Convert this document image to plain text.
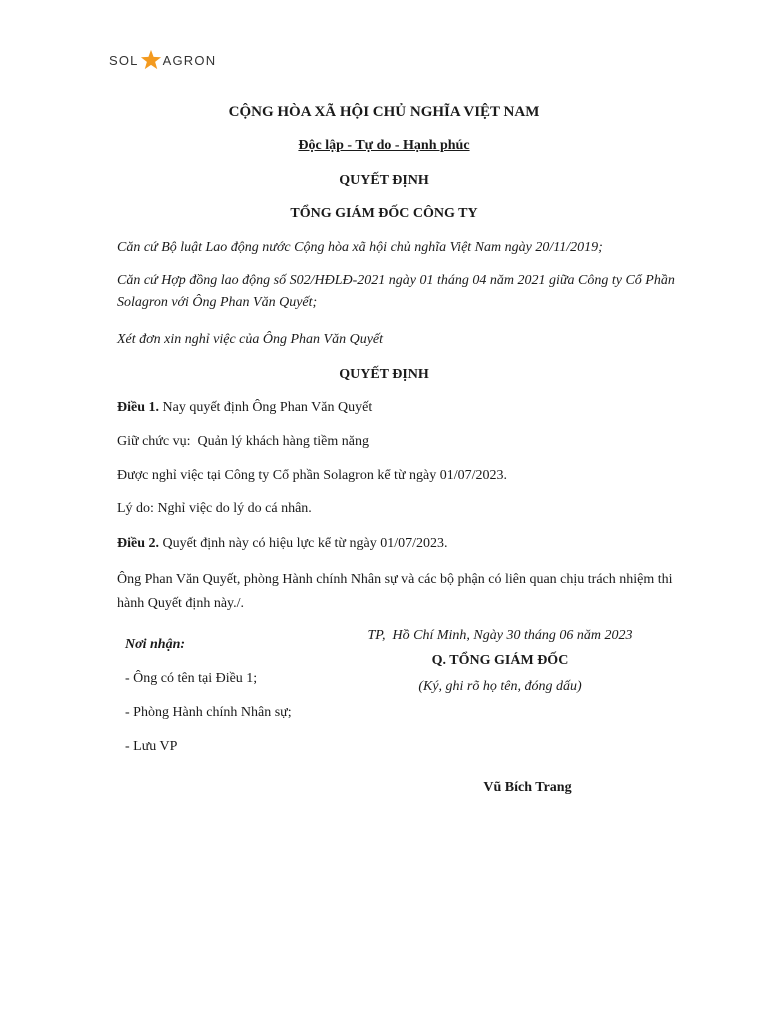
SOL AGRON
CỘNG HÒA XÃ HỘI CHỦ NGHĨA VIỆT NAM
Độc lập - Tự do - Hạnh phúc
QUYẾT ĐỊNH
TỔNG GIÁM ĐỐC CÔNG TY
Căn cứ Bộ luật Lao động nước Cộng hòa xã hội chủ nghĩa Việt Nam ngày 20/11/2019;
Căn cứ Hợp đồng lao động số S02/HĐLĐ-2021 ngày 01 tháng 04 năm 2021 giữa Công ty Cổ Phần Solagron với Ông Phan Văn Quyết;
Xét đơn xin nghỉ việc của Ông Phan Văn Quyết
QUYẾT ĐỊNH
Điều 1. Nay quyết định Ông Phan Văn Quyết
Giữ chức vụ:  Quản lý khách hàng tiềm năng
Được nghỉ việc tại Công ty Cổ phần Solagron kể từ ngày 01/07/2023.
Lý do: Nghỉ việc do lý do cá nhân.
Điều 2. Quyết định này có hiệu lực kể từ ngày 01/07/2023.
Ông Phan Văn Quyết, phòng Hành chính Nhân sự và các bộ phận có liên quan chịu trách nhiệm thi hành Quyết định này./.
Nơi nhận:
- Ông có tên tại Điều 1;
- Phòng Hành chính Nhân sự;
- Lưu VP
TP,  Hồ Chí Minh, Ngày 30 tháng 06 năm 2023
Q. TỔNG GIÁM ĐỐC
(Ký, ghi rõ họ tên, đóng dấu)
Vũ Bích Trang
